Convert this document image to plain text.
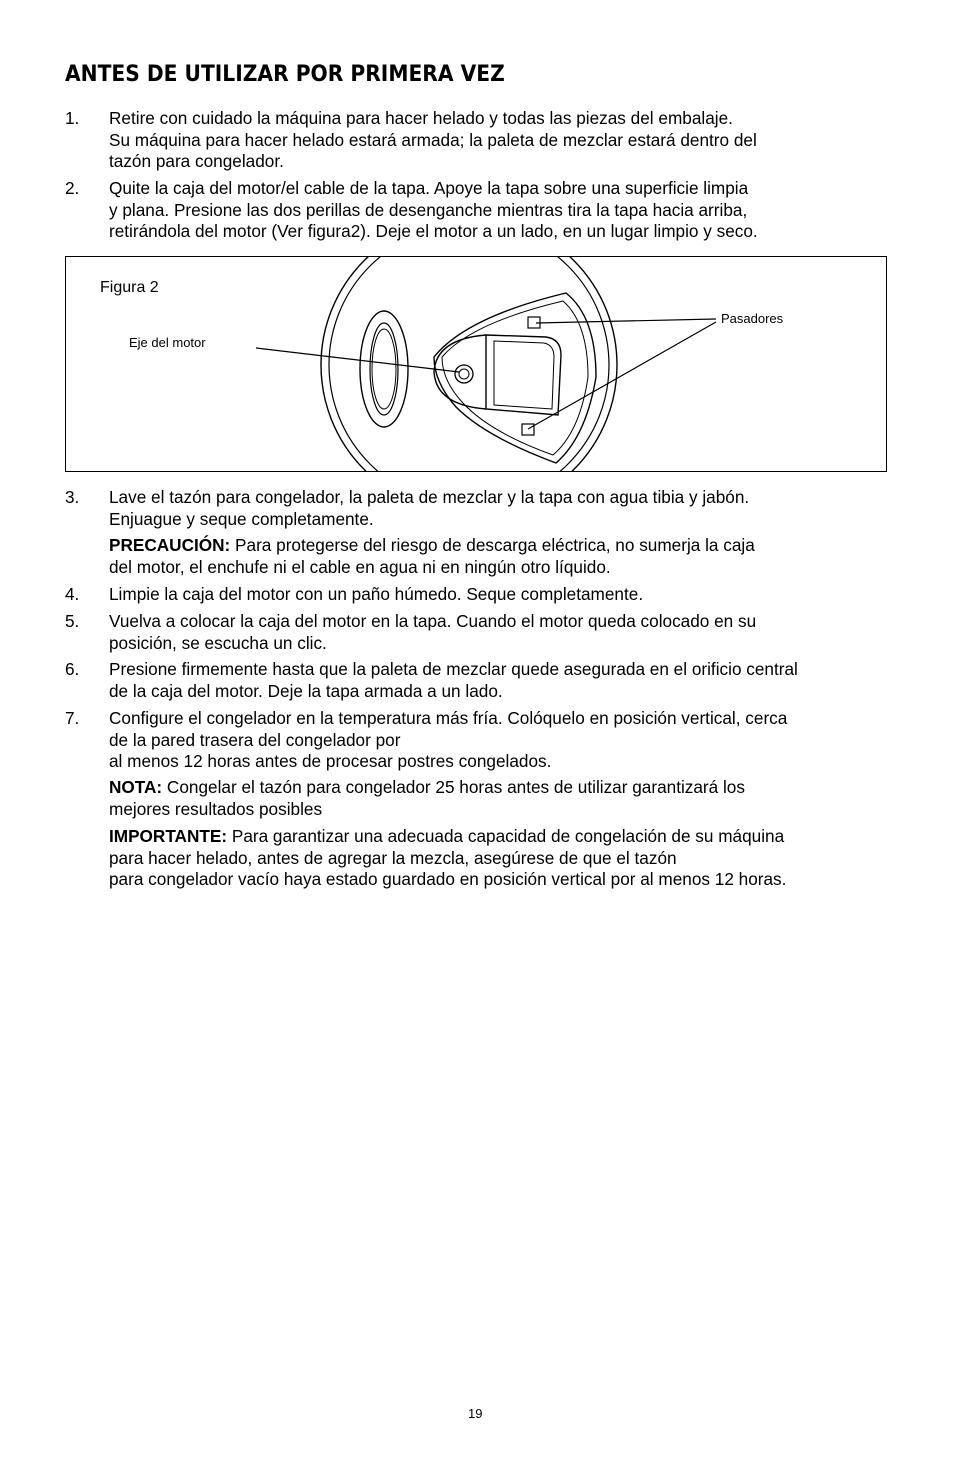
ANTES DE UTILIZAR POR PRIMERA VEZ
1. Retire con cuidado la máquina para hacer helado y todas las piezas del embalaje.
Su máquina para hacer helado estará armada; la paleta de mezclar estará dentro del
tazón para congelador.
2. Quite la caja del motor/el cable de la tapa. Apoye la tapa sobre una superficie limpia
y plana. Presione las dos perillas de desenganche mientras tira la tapa hacia arriba,
retirándola del motor (Ver figura2). Deje el motor a un lado, en un lugar limpio y seco.
Figura 2
Eje del motor
Pasadores
3. Lave el tazón para congelador, la paleta de mezclar y la tapa con agua tibia y jabón.
Enjuague y seque completamente.
PRECAUCIÓN: Para protegerse del riesgo de descarga eléctrica, no sumerja la caja
del motor, el enchufe ni el cable en agua ni en ningún otro líquido.
4. Limpie la caja del motor con un paño húmedo. Seque completamente.
5. Vuelva a colocar la caja del motor en la tapa. Cuando el motor queda colocado en su
posición, se escucha un clic.
6. Presione firmemente hasta que la paleta de mezclar quede asegurada en el orificio central
de la caja del motor. Deje la tapa armada a un lado.
7. Configure el congelador en la temperatura más fría. Colóquelo en posición vertical, cerca
de la pared trasera del congelador por
al menos 12 horas antes de procesar postres congelados.
NOTA: Congelar el tazón para congelador 25 horas antes de utilizar garantizará los
mejores resultados posibles
IMPORTANTE: Para garantizar una adecuada capacidad de congelación de su máquina
para hacer helado, antes de agregar la mezcla, asegúrese de que el tazón
para congelador vacío haya estado guardado en posición vertical por al menos 12 horas.
19
